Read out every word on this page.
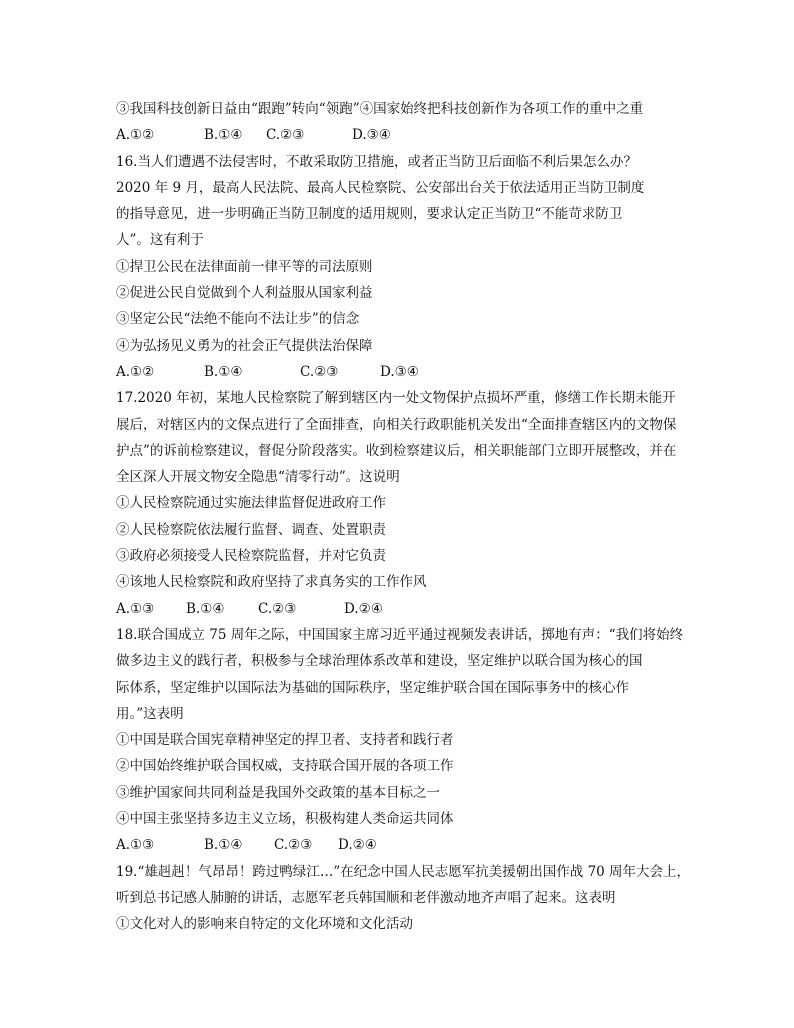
③我国科技创新日益由“跟跑”转向“领跑”④国家始终把科技创新作为各项工作的重中之重
A.①②	B.①④ C.②③	D.③④
16.当人们遭遇不法侵害时，不敢采取防卫措施，或者正当防卫后面临不利后果怎么办？
2020 年 9 月，最高人民法院、最高人民检察院、公安部出台关于依法适用正当防卫制度
的指导意见，进一步明确正当防卫制度的适用规则，要求认定正当防卫“不能苛求防卫
人”。这有利于
①捍卫公民在法律面前一律平等的司法原则
②促进公民自觉做到个人利益服从国家利益
③坚定公民“法绝不能向不法让步”的信念
④为弘扬见义勇为的社会正气提供法治保障
A.①②	B.①④	C.②③	D.③④
17.2020 年初，某地人民检察院了解到辖区内一处文物保护点损坏严重，修缮工作长期未能开
展后，对辖区内的文保点进行了全面排查，向相关行政职能机关发出“全面排查辖区内的文物保
护点”的诉前检察建议，督促分阶段落实。收到检察建议后，相关职能部门立即开展整改，并在
全区深人开展文物安全隐患“清零行动”。这说明
①人民检察院通过实施法律监督促进政府工作
②人民检察院依法履行监督、调查、处置职责
③政府必须接受人民检察院监督，并对它负责
④该地人民检察院和政府坚持了求真务实的工作作风
A.①③ B.①④ C.②③	D.②④
18.联合国成立 75 周年之际，中国国家主席习近平通过视频发表讲话，掷地有声：“我们将始终
做多边主义的践行者，积极参与全球治理体系改革和建设，坚定维护以联合国为核心的国
际体系，坚定维护以国际法为基础的国际秩序，坚定维护联合国在国际事务中的核心作
用。”这表明
①中国是联合国宪章精神坚定的捍卫者、支持者和践行者
②中国始终维护联合国权威，支持联合国开展的各项工作
③维护国家间共同利益是我国外交政策的基本目标之一
④中国主张坚持多边主义立场，积极构建人类命运共同体
A.①③	B.①④ C.②③ D.②④
19.“雄赳赳！气昂昂！跨过鸭绿江…”在纪念中国人民志愿军抗美援朝出国作战 70 周年大会上，
听到总书记感人肺腑的讲话，志愿军老兵韩国顺和老伴激动地齐声唱了起来。这表明
①文化对人的影响来自特定的文化环境和文化活动
